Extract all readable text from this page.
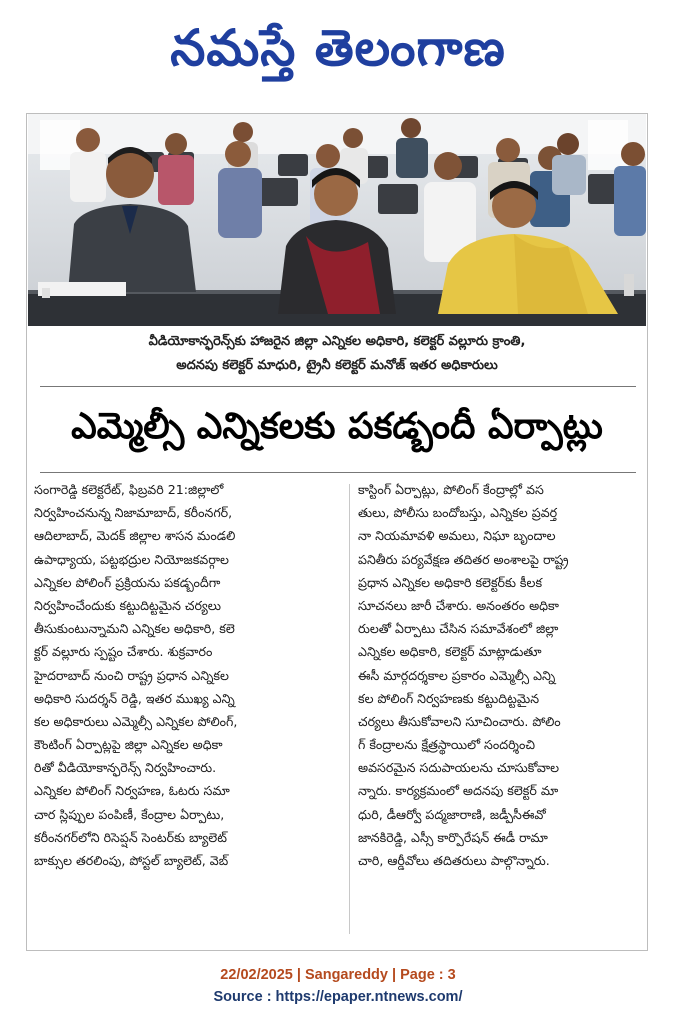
నమస్తే తెలంగాణ
వీడియోకాన్ఫరెన్స్‌కు హాజరైన జిల్లా ఎన్నికల అధికారి, కలెక్టర్ వల్లూరు క్రాంతి,
అదనపు కలెక్టర్ మాధురి, ట్రైనీ కలెక్టర్ మనోజ్ ఇతర అధికారులు
ఎమ్మెల్సీ ఎన్నికలకు పకడ్బందీ ఏర్పాట్లు
సంగారెడ్డి కలెక్టరేట్, ఫిబ్రవరి 21:జిల్లాలో
నిర్వహించనున్న నిజామాబాద్, కరీంనగర్,
ఆదిలాబాద్, మెదక్ జిల్లాల శాసన మండలి
ఉపాధ్యాయ, పట్టభద్రుల నియోజకవర్గాల
ఎన్నికల పోలింగ్ ప్రక్రియను పకడ్బందీగా
నిర్వహించేందుకు కట్టుదిట్టమైన చర్యలు
తీసుకుంటున్నామని ఎన్నికల అధికారి, కలె
క్టర్ వల్లూరు స్పష్టం చేశారు. శుక్రవారం
హైదరాబాద్ నుంచి రాష్ట్ర ప్రధాన ఎన్నికల
అధికారి సుదర్శన్ రెడ్డి, ఇతర ముఖ్య ఎన్ని
కల అధికారులు ఎమ్మెల్సీ ఎన్నికల పోలింగ్,
కౌంటింగ్ ఏర్పాట్లపై జిల్లా ఎన్నికల అధికా
రితో వీడియోకాన్ఫరెన్స్ నిర్వహించారు.
ఎన్నికల పోలింగ్ నిర్వహణ, ఓటరు సమా
చార స్లిప్పుల పంపిణీ, కేంద్రాల ఏర్పాటు,
కరీంనగర్‌లోని రిసెప్షన్ సెంటర్‌కు బ్యాలెట్
బాక్సుల తరలింపు, పోస్టల్ బ్యాలెట్, వెబ్
కాస్టింగ్ ఏర్పాట్లు, పోలింగ్ కేంద్రాల్లో వస
తులు, పోలీసు బందోబస్తు, ఎన్నికల ప్రవర్త
నా నియమావళి అమలు, నిఘా బృందాల
పనితీరు పర్యవేక్షణ తదితర అంశాలపై రాష్ట్ర
ప్రధాన ఎన్నికల అధికారి కలెక్టర్‌కు కీలక
సూచనలు జారీ చేశారు. అనంతరం అధికా
రులతో ఏర్పాటు చేసిన సమావేశంలో జిల్లా
ఎన్నికల అధికారి, కలెక్టర్ మాట్లాడుతూ
ఈసీ మార్గదర్శకాల ప్రకారం ఎమ్మెల్సీ ఎన్ని
కల పోలింగ్ నిర్వహణకు కట్టుదిట్టమైన
చర్యలు తీసుకోవాలని సూచించారు. పోలిం
గ్ కేంద్రాలను క్షేత్రస్థాయిలో సందర్శించి
అవసరమైన సదుపాయలను చూసుకోవాల
న్నారు. కార్యక్రమంలో అదనపు కలెక్టర్ మా
ధురి, డీఆర్వో పద్మజారాణి, జడ్పీసీఈవో
జానకిరెడ్డి, ఎస్సీ కార్పొరేషన్ ఈడీ రామా
చారి, ఆర్డీవోలు తదితరులు పాల్గొన్నారు.
22/02/2025 | Sangareddy | Page : 3
Source : https://epaper.ntnews.com/
